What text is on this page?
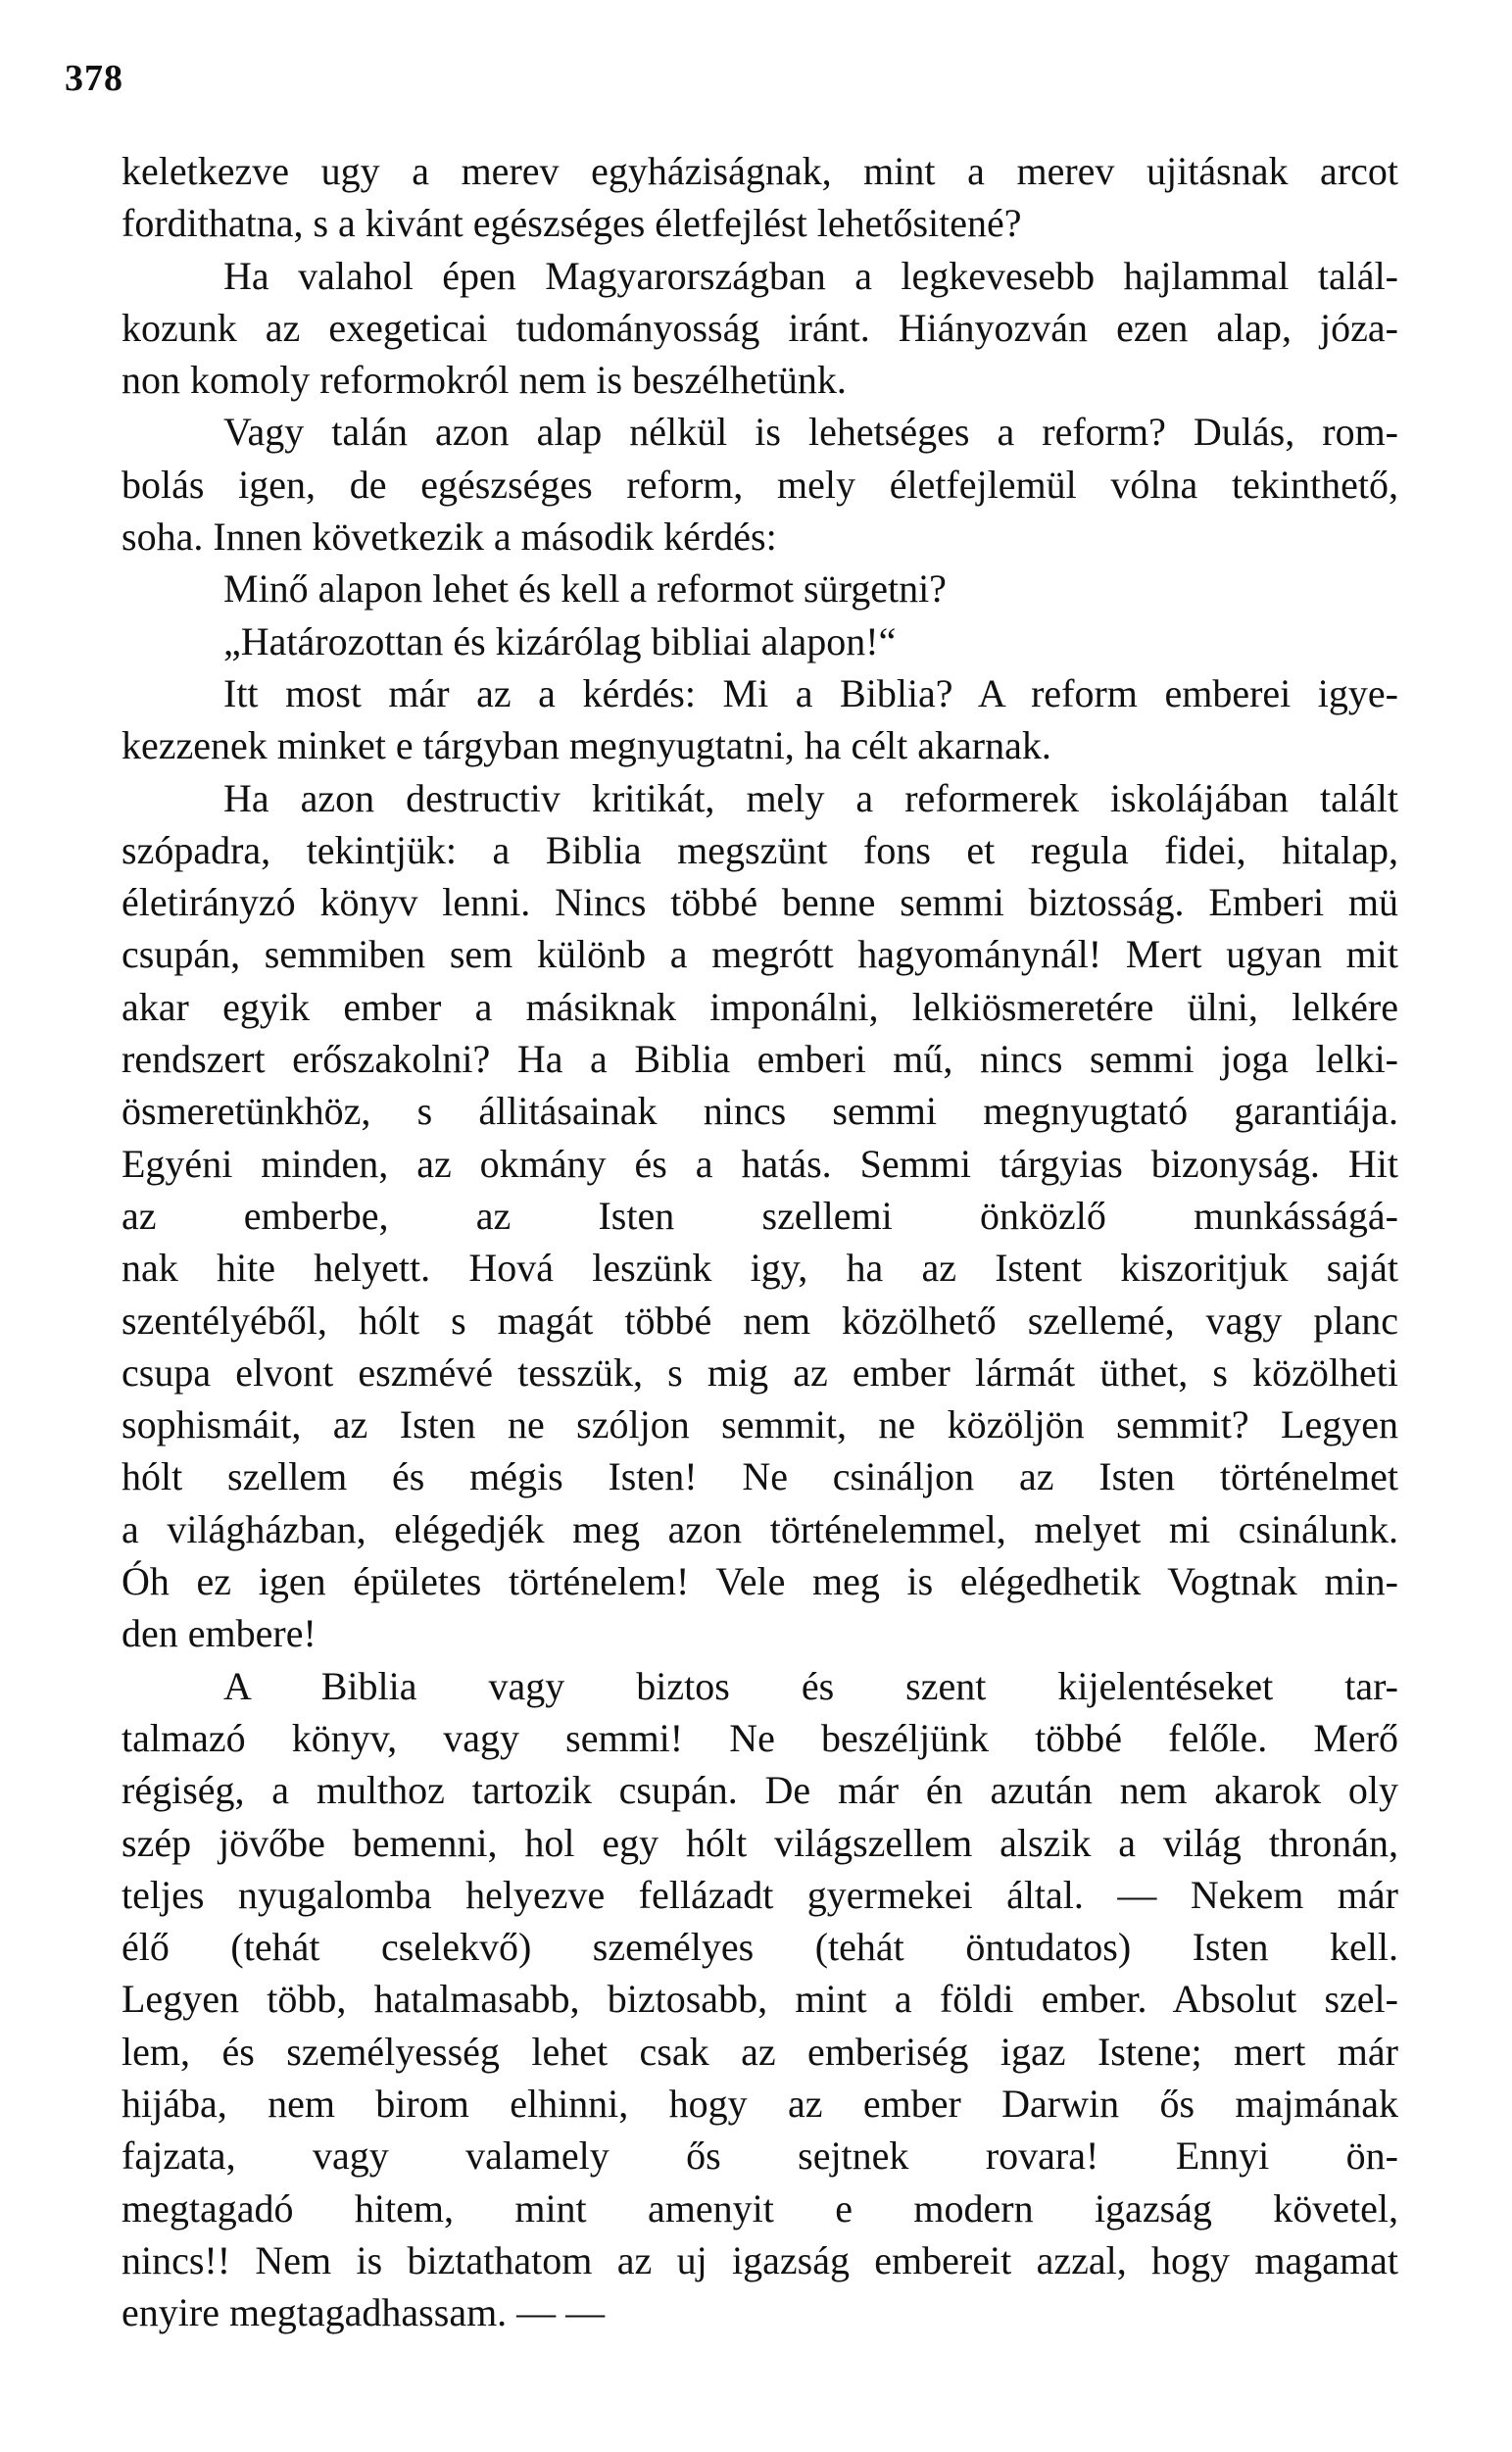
378
keletkezve ugy a merev egyháziságnak, mint a merev ujitásnak arcot
fordithatna, s a kivánt egészséges életfejlést lehetősitené?
Ha valahol épen Magyarországban a legkevesebb hajlammal talál-
kozunk az exegeticai tudományosság iránt. Hiányozván ezen alap, józa-
non komoly reformokról nem is beszélhetünk.
Vagy talán azon alap nélkül is lehetséges a reform? Dulás, rom-
bolás igen, de egészséges reform, mely életfejlemül vólna tekinthető,
soha. Innen következik a második kérdés:
Minő alapon lehet és kell a reformot sürgetni?
„Határozottan és kizárólag bibliai alapon!“
Itt most már az a kérdés: Mi a Biblia? A reform emberei igye-
kezzenek minket e tárgyban megnyugtatni, ha célt akarnak.
Ha azon destructiv kritikát, mely a reformerek iskolájában talált
szópadra, tekintjük: a Biblia megszünt fons et regula fidei, hitalap,
életirányzó könyv lenni. Nincs többé benne semmi biztosság. Emberi mü
csupán, semmiben sem különb a megrótt hagyománynál! Mert ugyan mit
akar egyik ember a másiknak imponálni, lelkiösmeretére ülni, lelkére
rendszert erőszakolni? Ha a Biblia emberi mű, nincs semmi joga lelki-
ösmeretünkhöz, s állitásainak nincs semmi megnyugtató garantiája.
Egyéni minden, az okmány és a hatás. Semmi tárgyias bizonyság. Hit
az emberbe, az Isten szellemi önközlő munkásságá-
nak hite helyett. Hová leszünk igy, ha az Istent kiszoritjuk saját
szentélyéből, hólt s magát többé nem közölhető szellemé, vagy planc
csupa elvont eszmévé tesszük, s mig az ember lármát üthet, s közölheti
sophismáit, az Isten ne szóljon semmit, ne közöljön semmit? Legyen
hólt szellem és mégis Isten! Ne csináljon az Isten történelmet
a világházban, elégedjék meg azon történelemmel, melyet mi csinálunk.
Óh ez igen épületes történelem! Vele meg is elégedhetik Vogtnak min-
den embere!
A Biblia vagy biztos és szent kijelentéseket tar-
talmazó könyv, vagy semmi! Ne beszéljünk többé felőle. Merő
régiség, a multhoz tartozik csupán. De már én azután nem akarok oly
szép jövőbe bemenni, hol egy hólt világszellem alszik a világ thronán,
teljes nyugalomba helyezve fellázadt gyermekei által. — Nekem már
élő (tehát cselekvő) személyes (tehát öntudatos) Isten kell.
Legyen több, hatalmasabb, biztosabb, mint a földi ember. Absolut szel-
lem, és személyesség lehet csak az emberiség igaz Istene; mert már
hijába, nem birom elhinni, hogy az ember Darwin ős majmának
fajzata, vagy valamely ős sejtnek rovara! Ennyi ön-
megtagadó hitem, mint amenyit e modern igazság követel,
nincs!! Nem is biztathatom az uj igazság embereit azzal, hogy magamat
enyire megtagadhassam. — —
